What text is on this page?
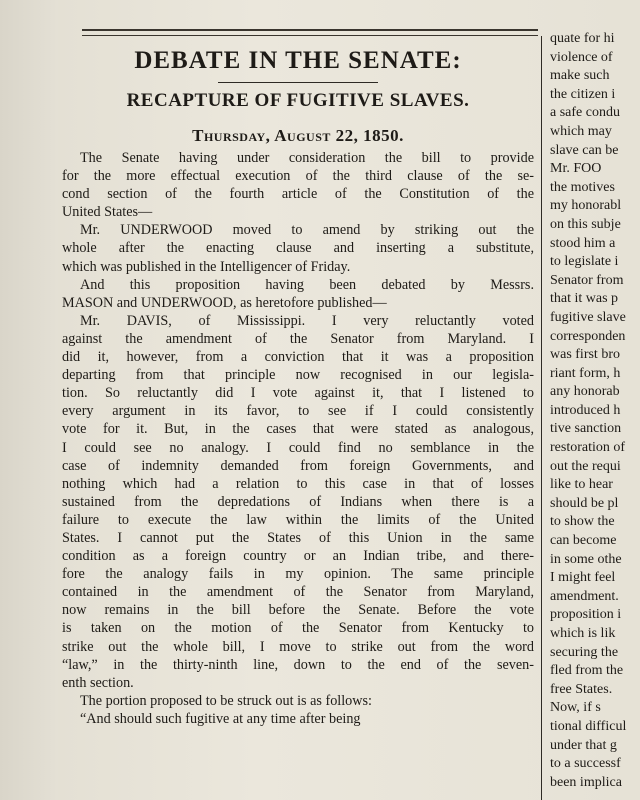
DEBATE IN THE SENATE:
RECAPTURE OF FUGITIVE SLAVES.
Thursday, August 22, 1850.

The Senate having under consideration the bill to provide
for the more effectual execution of the third clause of the se-
cond section of the fourth article of the Constitution of the
United States—

Mr. UNDERWOOD moved to amend by striking out the
whole after the enacting clause and inserting a substitute,
which was published in the Intelligencer of Friday.

And this proposition having been debated by Messrs.
MASON and UNDERWOOD, as heretofore published—

Mr. DAVIS, of Mississippi. I very reluctantly voted
against the amendment of the Senator from Maryland. I
did it, however, from a conviction that it was a proposition
departing from that principle now recognised in our legisla-
tion. So reluctantly did I vote against it, that I listened to
every argument in its favor, to see if I could consistently
vote for it. But, in the cases that were stated as analogous,
I could see no analogy. I could find no semblance in the
case of indemnity demanded from foreign Governments, and
nothing which had a relation to this case in that of losses
sustained from the depredations of Indians when there is a
failure to execute the law within the limits of the United
States. I cannot put the States of this Union in the same
condition as a foreign country or an Indian tribe, and there-
fore the analogy fails in my opinion. The same principle
contained in the amendment of the Senator from Maryland,
now remains in the bill before the Senate. Before the vote
is taken on the motion of the Senator from Kentucky to
strike out the whole bill, I move to strike out from the word
“law,” in the thirty-ninth line, down to the end of the seven-
enth section.

The portion proposed to be struck out is as follows:

“And should such fugitive at any time after being

quate for hi
violence of
make such
the citizen i
a safe condu
which may
slave can be
Mr. FOO
the motives
my honorabl
on this subje
stood him a
to legislate i
Senator from
that it was p
fugitive slave
corresponden
was first bro
riant form, h
any honorab
introduced h
tive sanction
restoration of
out the requi
like to hear
should be pl
to show the
can become
in some othe
I might feel
amendment.
proposition i
which is lik
securing the
fled from the
free States.
Now, if s
tional difficul
under that g
to a successf
been implica
